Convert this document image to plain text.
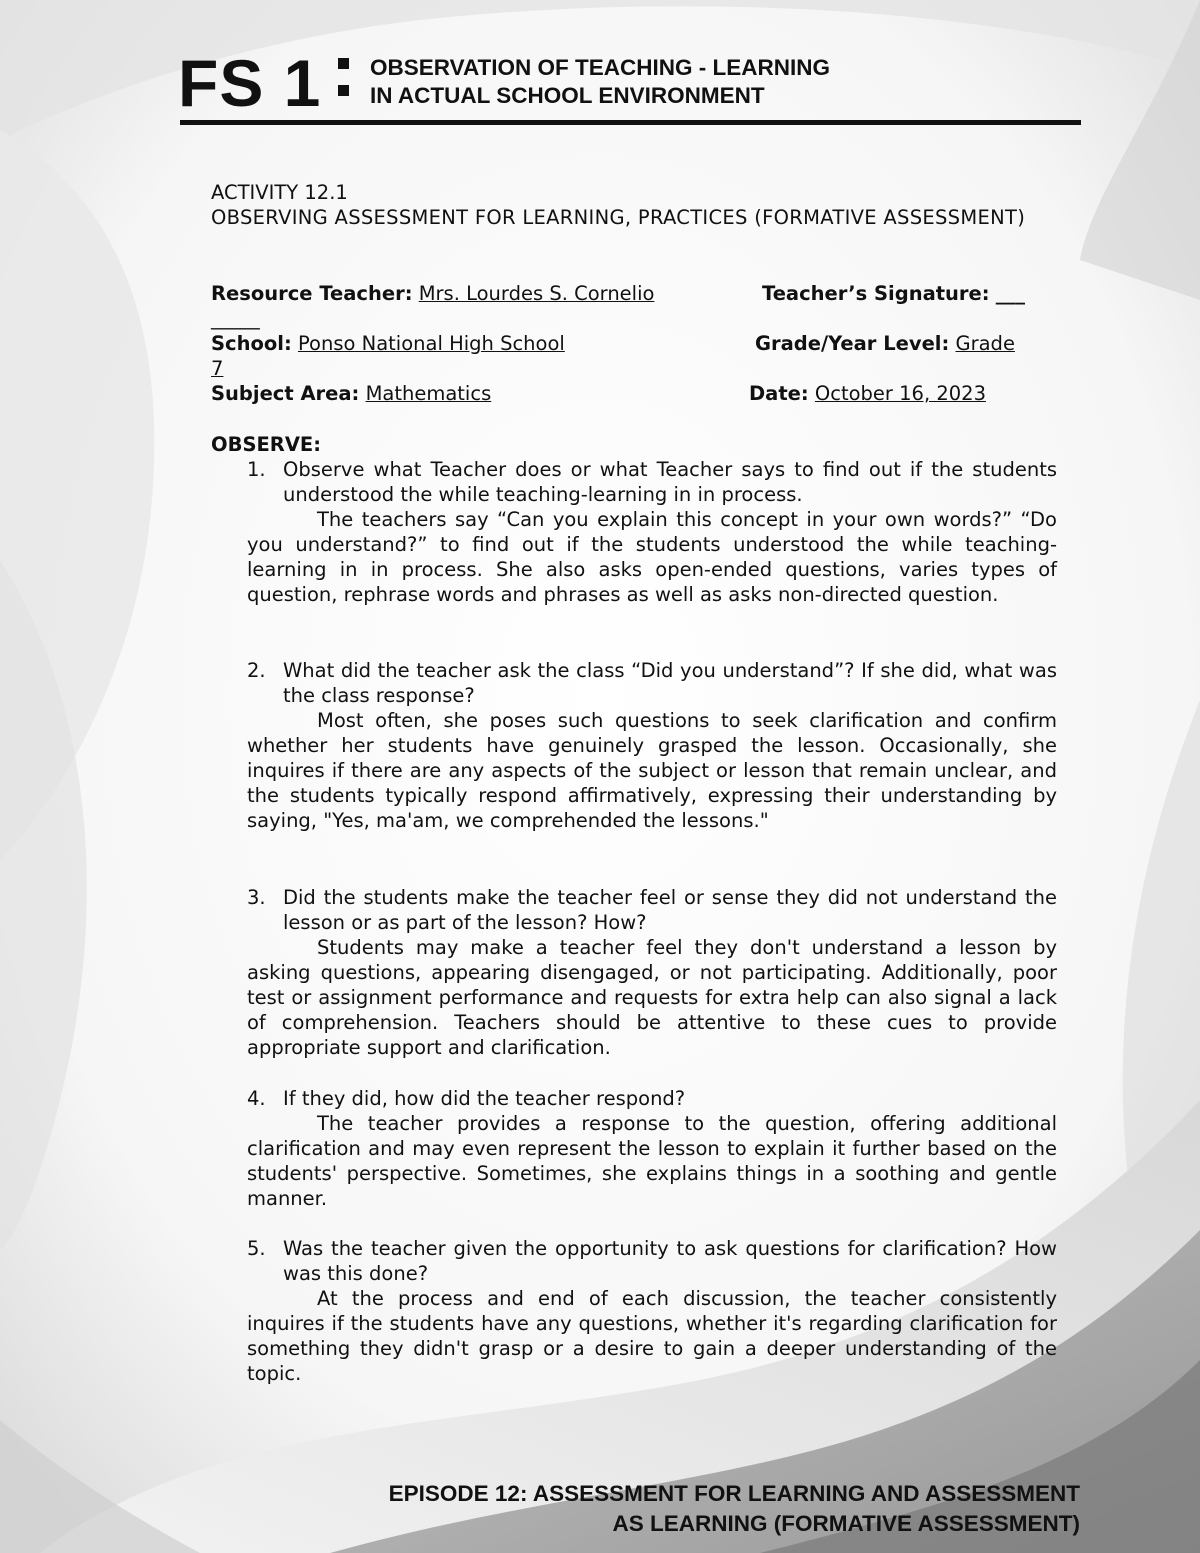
FS 1 OBSERVATION OF TEACHING - LEARNING
IN ACTUAL SCHOOL ENVIRONMENT
ACTIVITY 12.1
OBSERVING ASSESSMENT FOR LEARNING, PRACTICES (FORMATIVE ASSESSMENT)
Resource Teacher: Mrs. Lourdes S. Cornelio	Teacher’s Signature: ___
_____
School: Ponso National High School	Grade/Year Level: Grade
7
Subject Area: Mathematics	Date: October 16, 2023
OBSERVE:
1. Observe what Teacher does or what Teacher says to find out if the students understood the while teaching-learning in in process.
The teachers say “Can you explain this concept in your own words?” “Do you understand?” to find out if the students understood the while teaching-learning in in process. She also asks open-ended questions, varies types of question, rephrase words and phrases as well as asks non-directed question.
2. What did the teacher ask the class “Did you understand”? If she did, what was the class response?
Most often, she poses such questions to seek clarification and confirm whether her students have genuinely grasped the lesson. Occasionally, she inquires if there are any aspects of the subject or lesson that remain unclear, and the students typically respond affirmatively, expressing their understanding by saying, "Yes, ma'am, we comprehended the lessons."
3. Did the students make the teacher feel or sense they did not understand the lesson or as part of the lesson? How?
Students may make a teacher feel they don't understand a lesson by asking questions, appearing disengaged, or not participating. Additionally, poor test or assignment performance and requests for extra help can also signal a lack of comprehension. Teachers should be attentive to these cues to provide appropriate support and clarification.
4. If they did, how did the teacher respond?
The teacher provides a response to the question, offering additional clarification and may even represent the lesson to explain it further based on the students' perspective. Sometimes, she explains things in a soothing and gentle manner.
5. Was the teacher given the opportunity to ask questions for clarification? How was this done?
At the process and end of each discussion, the teacher consistently inquires if the students have any questions, whether it's regarding clarification for something they didn't grasp or a desire to gain a deeper understanding of the topic.
EPISODE 12: ASSESSMENT FOR LEARNING AND ASSESSMENT
AS LEARNING (FORMATIVE ASSESSMENT)
